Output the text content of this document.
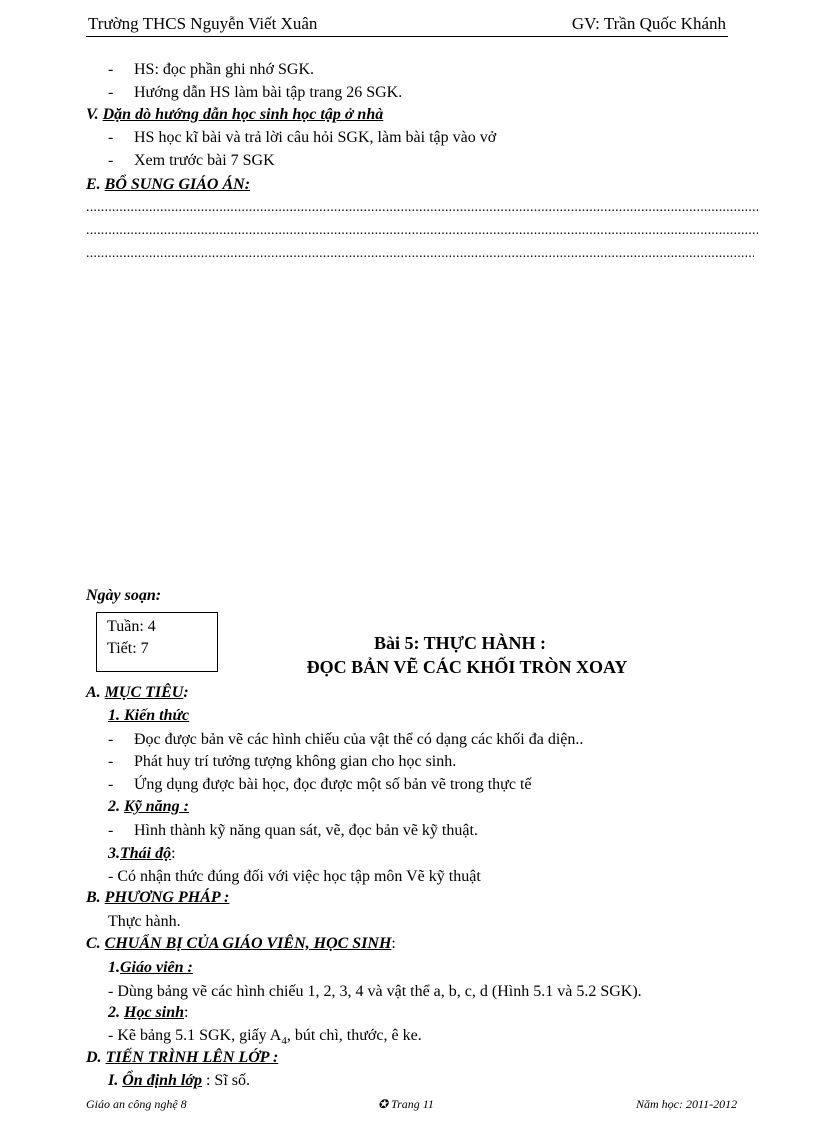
Trường THCS Nguyễn Viết Xuân	GV: Trần Quốc Khánh
- HS: đọc phần ghi nhớ SGK.
- Hướng dẫn HS làm bài tập trang 26 SGK.
V. Dặn dò hướng dẫn học sinh học tập ở nhà
- HS học kĩ bài và trả lời câu hỏi SGK, làm bài tập vào vở
- Xem trước bài 7 SGK
E. BỔ SUNG GIÁO ÁN:
.....
.....
.....
Ngày soạn:
Tuần: 4
Tiết: 7	Bài 5: THỰC HÀNH :
ĐỌC BẢN VẼ CÁC KHỐI TRÒN XOAY
A. MỤC TIÊU:
1. Kiến thức
- Đọc được bản vẽ các hình chiếu của vật thể có dạng các khối đa diện..
- Phát huy trí tưởng tượng không gian cho học sinh.
- Ứng dụng được bài học, đọc được một số bản vẽ trong thực tế
2. Kỹ năng :
- Hình thành kỹ năng quan sát, vẽ, đọc bản vẽ kỹ thuật.
3.Thái độ:
- Có nhận thức đúng đối với việc học tập môn Vẽ kỹ thuật
B. PHƯƠNG PHÁP :
Thực hành.
C. CHUẨN BỊ CỦA GIÁO VIÊN, HỌC SINH:
1.Giáo viên :
- Dùng bảng vẽ các hình chiếu 1, 2, 3, 4 và vật thể a, b, c, d (Hình 5.1 và 5.2 SGK).
2. Học sinh:
- Kẽ bảng 5.1 SGK, giấy $A_4$, bút chì, thước, ê ke.
D. TIẾN TRÌNH LÊN LỚP :
I. Ổn định lớp : Sĩ số.
Giáo an công nghệ 8	✪ Trang 11	Năm học: 2011-2012
